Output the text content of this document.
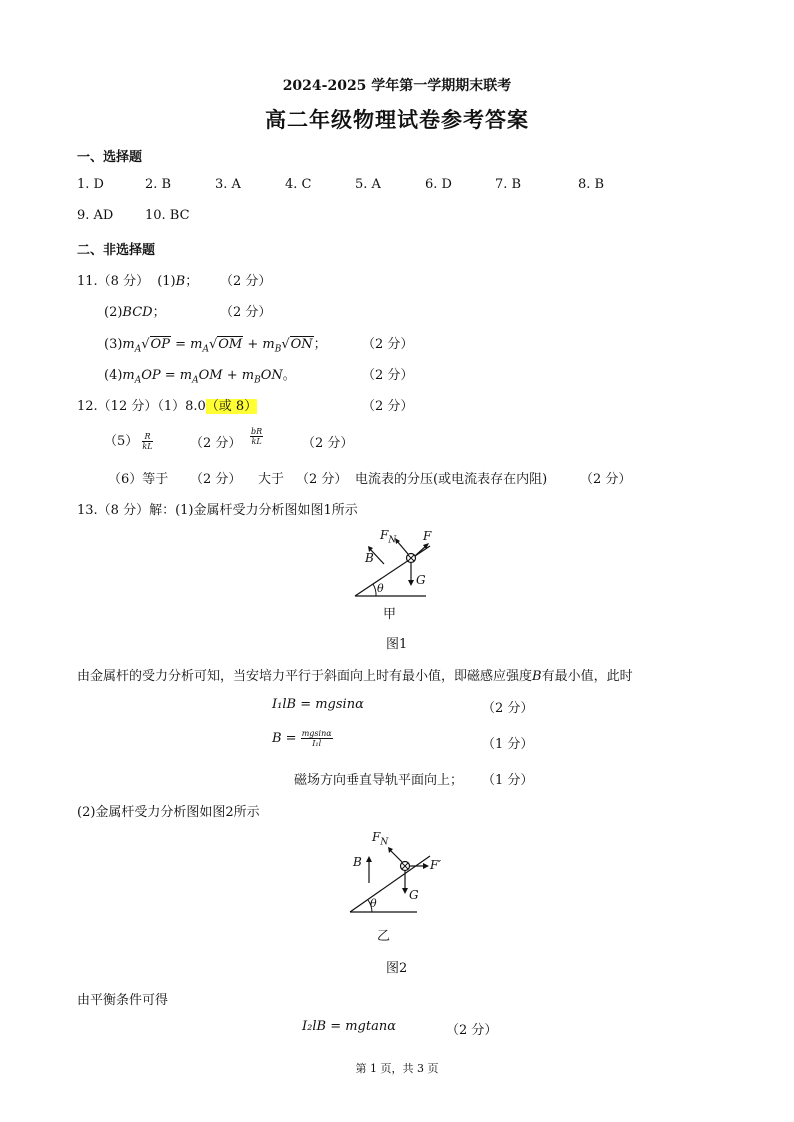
2024-2025 学年第一学期期末联考
高二年级物理试卷参考答案
一、选择题
1. D	2. B	3. A	4. C	5. A	6. D	7. B	8. B
9. AD 10. BC
二、非选择题
11.（8 分） (1)B； （2 分）
(2)BCD；	（2 分）
$(3)m_A√OP = m_A√OM + m_B√ON$；	（2 分）
$(4)m_AOP = m_AOM + m_BON$。	（2 分）
12.（12 分）（1）8.0（或 8）	（2 分）
$(5) \frac{R}{kL}$	（2 分） $\frac{bR}{kL}$	（2 分）
（6）等于 （2 分） 大于 （2 分） 电流表的分压(或电流表存在内阻)	（2 分）
13.（8 分）解：(1)金属杆受力分析图如图1所示
$F_N$ F
B
G
θ
甲
图1
由金属杆的受力分析可知，当安培力平行于斜面向上时有最小值，即磁感应强度B有最小值，此时
I₁lB = mgsinα	（2 分）
$B = \frac{mgsin\alpha}{\text{I₁l}}$	（1 分）
磁场方向垂直导轨平面向上； （1 分）
(2)金属杆受力分析图如图2所示
$F_N$
B	F′
G
θ
乙
图2
由平衡条件可得
I₂lB = mgtanα	（2 分）
第 1 页，共 3 页
